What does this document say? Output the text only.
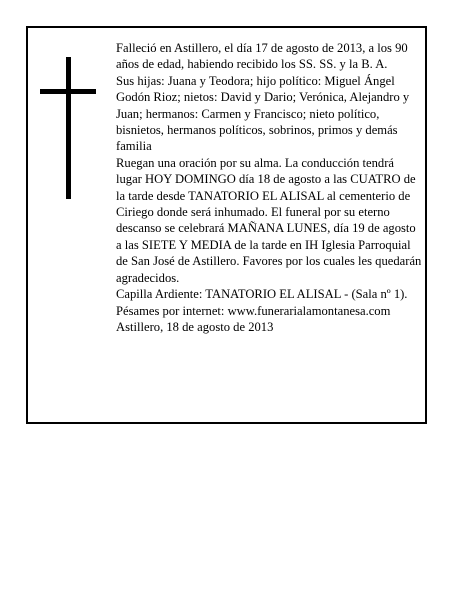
Falleció en Astillero, el día 17 de agosto de 2013, a los 90 años de edad, habiendo recibido los SS. SS. y la B. A.

Sus hijas: Juana y Teodora; hijo político: Miguel Ángel Godón Rioz; nietos: David y Dario; Verónica, Alejandro y Juan; hermanos: Carmen y Francisco; nieto político, bisnietos, hermanos políticos, sobrinos, primos y demás familia

Ruegan una oración por su alma. La conducción tendrá lugar HOY DOMINGO día 18 de agosto a las CUATRO de la tarde desde TANATORIO EL ALISAL al cementerio de Ciriego donde será inhumado. El funeral por su eterno descanso se celebrará MAÑANA LUNES, día 19 de agosto a las SIETE Y MEDIA de la tarde en IH Iglesia Parroquial de San José de Astillero. Favores por los cuales les quedarán agradecidos.

Capilla Ardiente: TANATORIO EL ALISAL - (Sala nº 1).

Pésames por internet: www.funerarialamontanesa.com

Astillero, 18 de agosto de 2013
